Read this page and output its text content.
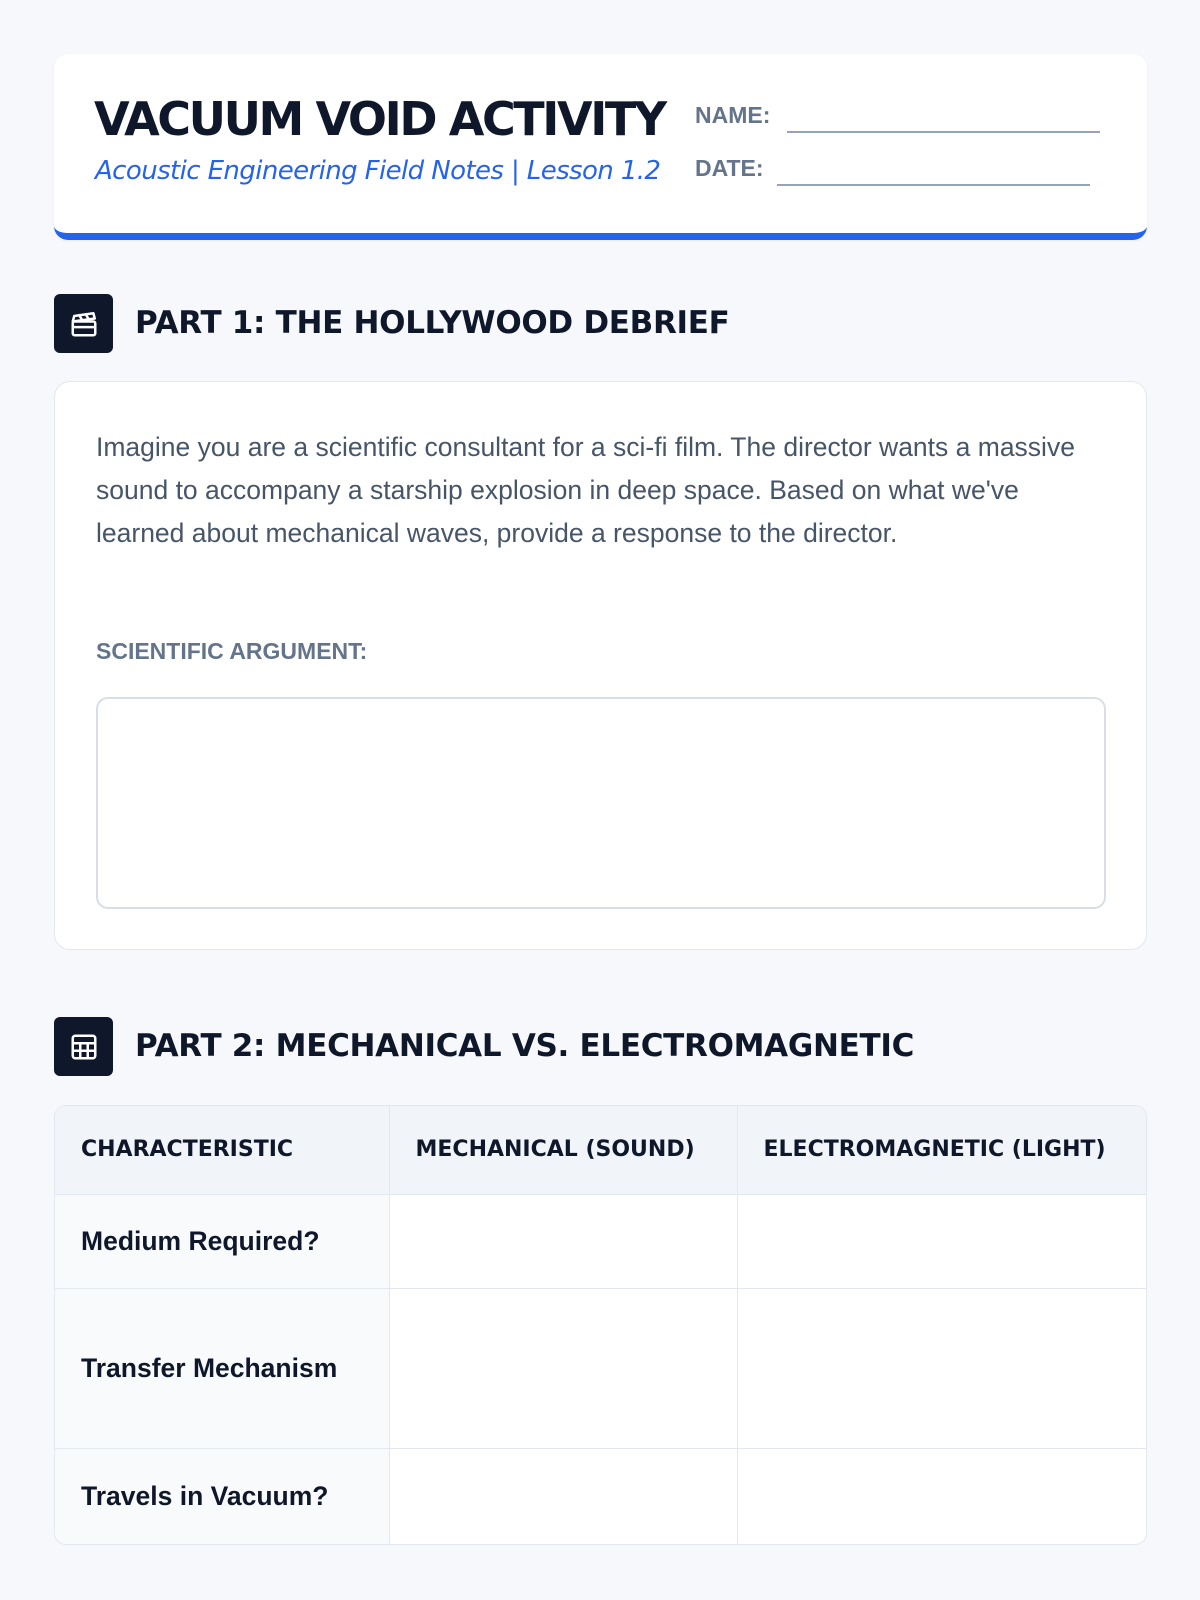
VACUUM VOID ACTIVITY
Acoustic Engineering Field Notes | Lesson 1.2
NAME:
DATE:
PART 1: THE HOLLYWOOD DEBRIEF

Imagine you are a scientific consultant for a sci-fi film. The director wants a massive sound to accompany a starship explosion in deep space. Based on what we've learned about mechanical waves, provide a response to the director.

SCIENTIFIC ARGUMENT:
PART 2: MECHANICAL VS. ELECTROMAGNETIC
CHARACTERISTIC	MECHANICAL (SOUND)	ELECTROMAGNETIC (LIGHT)
Medium Required?		
Transfer Mechanism		
Travels in Vacuum?		
